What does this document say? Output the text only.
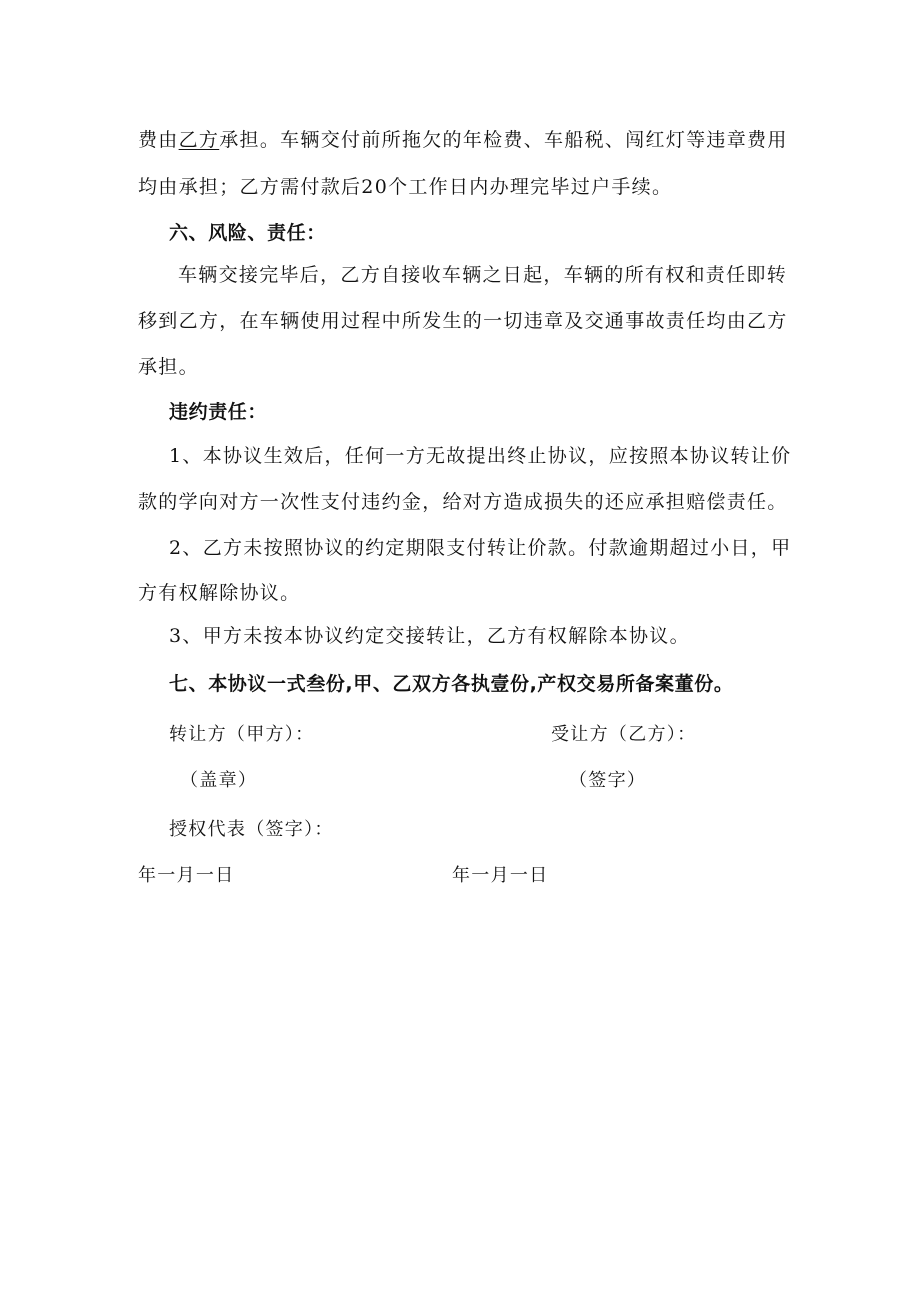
费由乙方承担。车辆交付前所拖欠的年检费、车船税、闯红灯等违章费用
均由承担；乙方需付款后20个工作日内办理完毕过户手续。
六、风险、责任：
车辆交接完毕后，乙方自接收车辆之日起，车辆的所有权和责任即转
移到乙方，在车辆使用过程中所发生的一切违章及交通事故责任均由乙方
承担。
违约责任：
1、本协议生效后，任何一方无故提出终止协议，应按照本协议转让价
款的学向对方一次性支付违约金，给对方造成损失的还应承担赔偿责任。
2、乙方未按照协议的约定期限支付转让价款。付款逾期超过小日，甲
方有权解除协议。
3、甲方未按本协议约定交接转让，乙方有权解除本协议。
七、本协议一式叁份,甲、乙双方各执壹份,产权交易所备案董份。
转让方（甲方）：	受让方（乙方）：
（盖章）	（签字）
授权代表（签字）：
年一月一日	年一月一日
